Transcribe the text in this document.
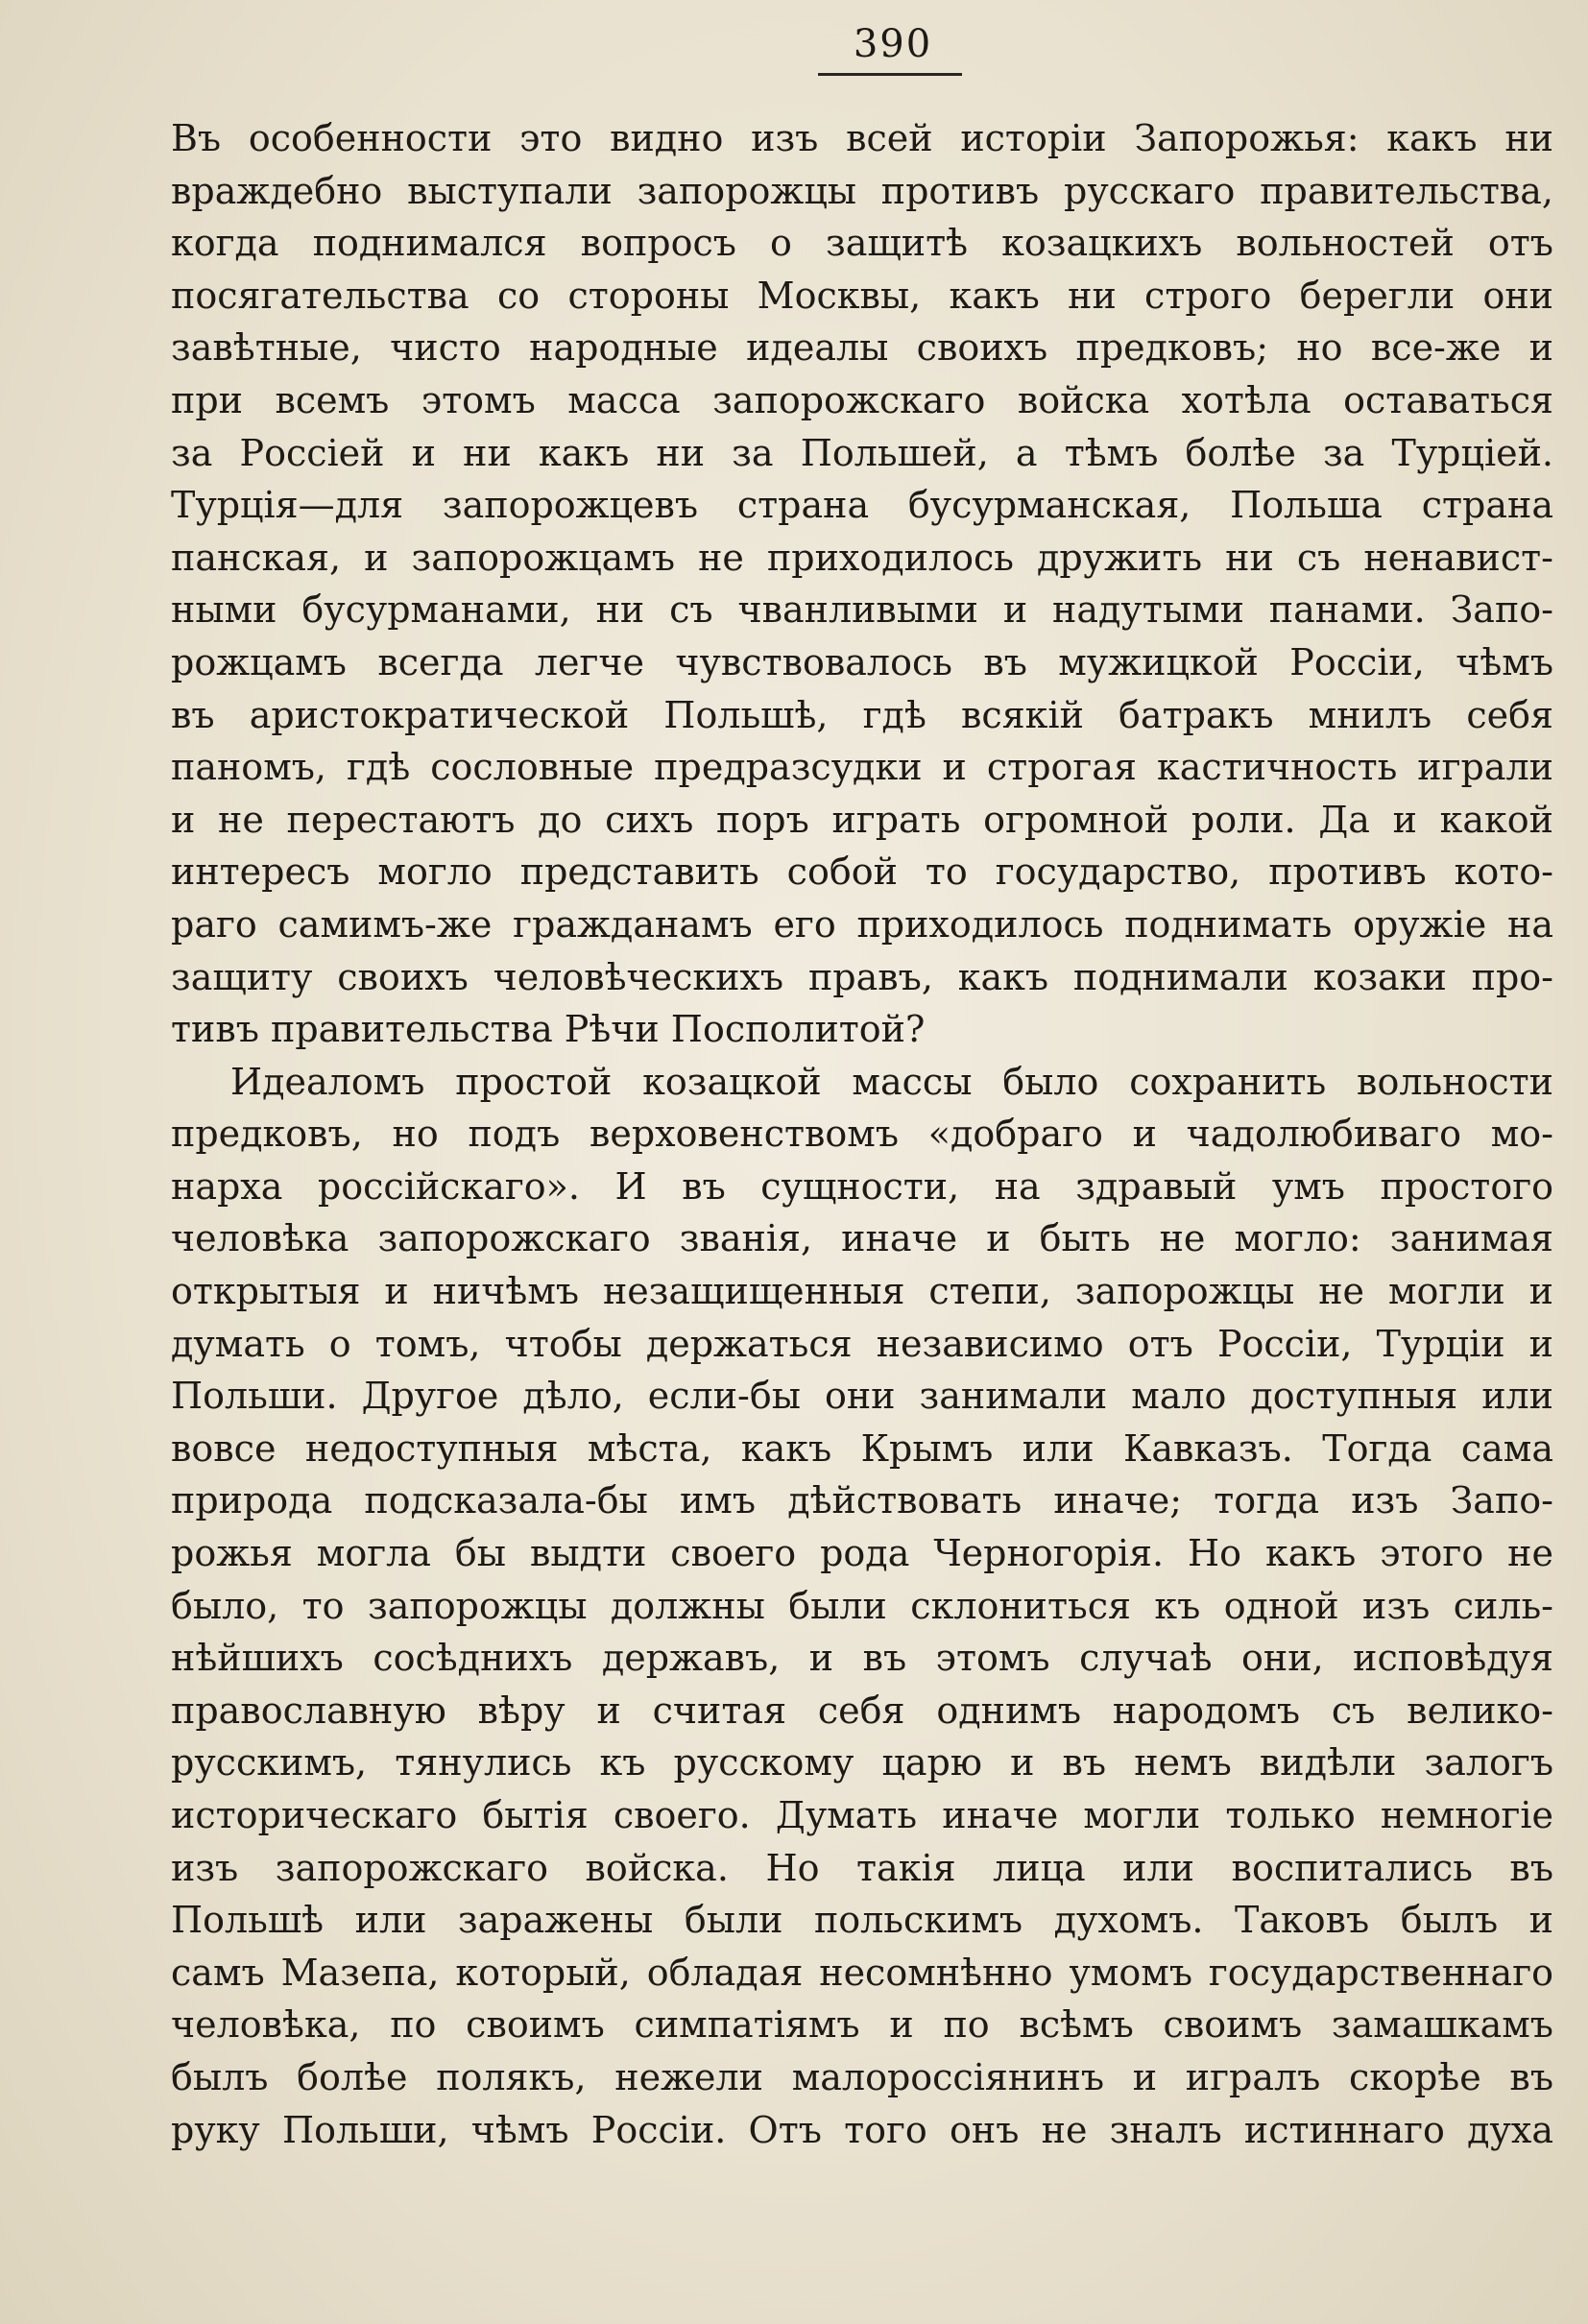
390
Въ особенности это видно изъ всей исторіи Запорожья: какъ ни
враждебно выступали запорожцы противъ русскаго правительства,
когда поднимался вопросъ о защитѣ козацкихъ вольностей отъ
посягательства со стороны Москвы, какъ ни строго берегли они
завѣтные, чисто народные идеалы своихъ предковъ; но все-же и
при всемъ этомъ масса запорожскаго войска хотѣла оставаться
за Россіей и ни какъ ни за Польшей, а тѣмъ болѣе за Турціей.
Турція—для запорожцевъ страна бусурманская, Польша страна
панская, и запорожцамъ не приходилось дружить ни съ ненавист-
ными бусурманами, ни съ чванливыми и надутыми панами. Запо-
рожцамъ всегда легче чувствовалось въ мужицкой Россіи, чѣмъ
въ аристократической Польшѣ, гдѣ всякій батракъ мнилъ себя
паномъ, гдѣ сословные предразсудки и строгая кастичность играли
и не перестаютъ до сихъ поръ играть огромной роли. Да и какой
интересъ могло представить собой то государство, противъ кото-
раго самимъ-же гражданамъ его приходилось поднимать оружіе на
защиту своихъ человѣческихъ правъ, какъ поднимали козаки про-
тивъ правительства Рѣчи Посполитой?
Идеаломъ простой козацкой массы было сохранить вольности
предковъ, но подъ верховенствомъ «добраго и чадолюбиваго мо-
нарха россійскаго». И въ сущности, на здравый умъ простого
человѣка запорожскаго званія, иначе и быть не могло: занимая
открытыя и ничѣмъ незащищенныя степи, запорожцы не могли и
думать о томъ, чтобы держаться независимо отъ Россіи, Турціи и
Польши. Другое дѣло, если-бы они занимали мало доступныя или
вовсе недоступныя мѣста, какъ Крымъ или Кавказъ. Тогда сама
природа подсказала-бы имъ дѣйствовать иначе; тогда изъ Запо-
рожья могла бы выдти своего рода Черногорія. Но какъ этого не
было, то запорожцы должны были склониться къ одной изъ силь-
нѣйшихъ сосѣднихъ державъ, и въ этомъ случаѣ они, исповѣдуя
православную вѣру и считая себя однимъ народомъ съ велико-
русскимъ, тянулись къ русскому царю и въ немъ видѣли залогъ
историческаго бытія своего. Думать иначе могли только немногіе
изъ запорожскаго войска. Но такія лица или воспитались въ
Польшѣ или заражены были польскимъ духомъ. Таковъ былъ и
самъ Мазепа, который, обладая несомнѣнно умомъ государственнаго
человѣка, по своимъ симпатіямъ и по всѣмъ своимъ замашкамъ
былъ болѣе полякъ, нежели малороссіянинъ и игралъ скорѣе въ
руку Польши, чѣмъ Россіи. Отъ того онъ не зналъ истиннаго духа
